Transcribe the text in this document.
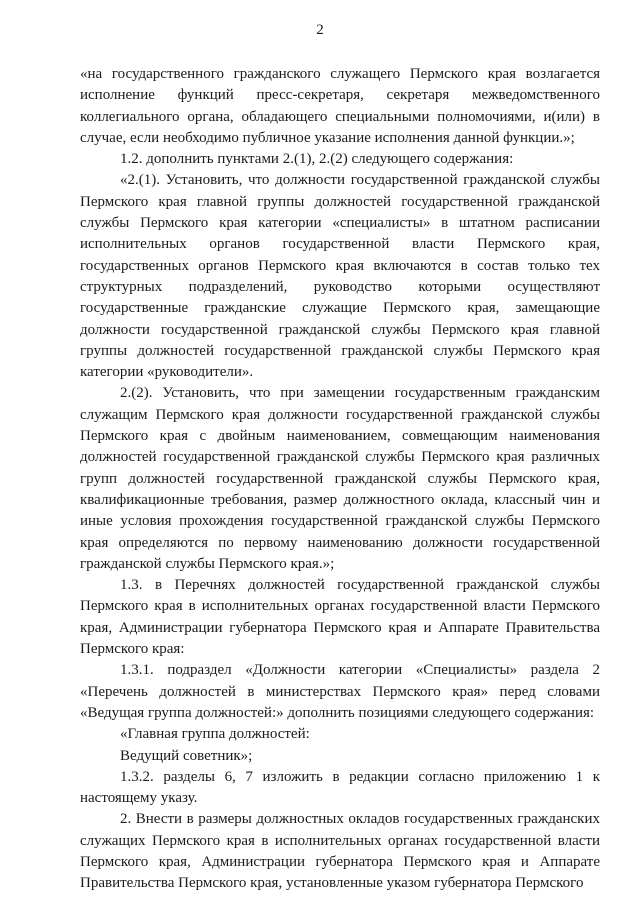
2

«на государственного гражданского служащего Пермского края возлагается исполнение функций пресс-секретаря, секретаря межведомственного коллегиального органа, обладающего специальными полномочиями, и(или) в случае, если необходимо публичное указание исполнения данной функции.»;

1.2. дополнить пунктами 2.(1), 2.(2) следующего содержания:

«2.(1). Установить, что должности государственной гражданской службы Пермского края главной группы должностей государственной гражданской службы Пермского края категории «специалисты» в штатном расписании исполнительных органов государственной власти Пермского края, государственных органов Пермского края включаются в состав только тех структурных подразделений, руководство которыми осуществляют государственные гражданские служащие Пермского края, замещающие должности государственной гражданской службы Пермского края главной группы должностей государственной гражданской службы Пермского края категории «руководители».

2.(2). Установить, что при замещении государственным гражданским служащим Пермского края должности государственной гражданской службы Пермского края с двойным наименованием, совмещающим наименования должностей государственной гражданской службы Пермского края различных групп должностей государственной гражданской службы Пермского края, квалификационные требования, размер должностного оклада, классный чин и иные условия прохождения государственной гражданской службы Пермского края определяются по первому наименованию должности государственной гражданской службы Пермского края.»;

1.3. в Перечнях должностей государственной гражданской службы Пермского края в исполнительных органах государственной власти Пермского края, Администрации губернатора Пермского края и Аппарате Правительства Пермского края:

1.3.1. подраздел «Должности категории «Специалисты» раздела 2 «Перечень должностей в министерствах Пермского края» перед словами «Ведущая группа должностей:» дополнить позициями следующего содержания:

«Главная группа должностей:

Ведущий советник»;

1.3.2. разделы 6, 7 изложить в редакции согласно приложению 1 к настоящему указу.

2. Внести в размеры должностных окладов государственных гражданских служащих Пермского края в исполнительных органах государственной власти Пермского края, Администрации губернатора Пермского края и Аппарате Правительства Пермского края, установленные указом губернатора Пермского
